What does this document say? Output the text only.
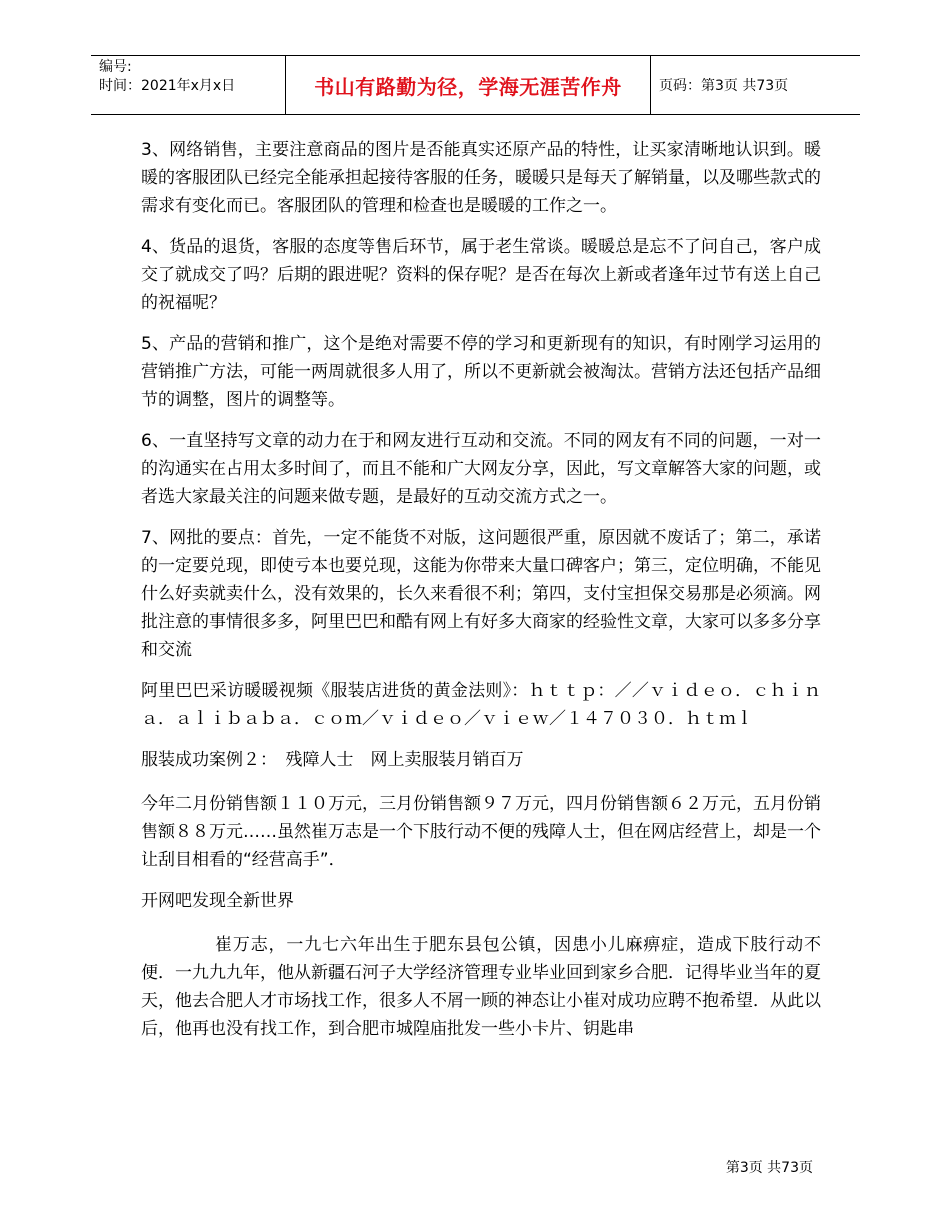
编号:
时间：2021年x月x日	书山有路勤为径，学海无涯苦作舟	页码：第3页 共73页

3、网络销售，主要注意商品的图片是否能真实还原产品的特性，让买家清晰地认识到。暖暖的客服团队已经完全能承担起接待客服的任务，暖暖只是每天了解销量，以及哪些款式的需求有变化而已。客服团队的管理和检查也是暖暖的工作之一。

4、货品的退货，客服的态度等售后环节，属于老生常谈。暖暖总是忘不了问自己，客户成交了就成交了吗？后期的跟进呢？资料的保存呢？是否在每次上新或者逢年过节有送上自己的祝福呢？

5、产品的营销和推广，这个是绝对需要不停的学习和更新现有的知识，有时刚学习运用的营销推广方法，可能一两周就很多人用了，所以不更新就会被淘汰。营销方法还包括产品细节的调整，图片的调整等。

6、一直坚持写文章的动力在于和网友进行互动和交流。不同的网友有不同的问题，一对一的沟通实在占用太多时间了，而且不能和广大网友分享，因此，写文章解答大家的问题，或者选大家最关注的问题来做专题，是最好的互动交流方式之一。

7、网批的要点：首先，一定不能货不对版，这问题很严重，原因就不废话了；第二，承诺的一定要兑现，即使亏本也要兑现，这能为你带来大量口碑客户；第三，定位明确，不能见什么好卖就卖什么，没有效果的，长久来看很不利；第四，支付宝担保交易那是必须滴。网批注意的事情很多多，阿里巴巴和酷有网上有好多大商家的经验性文章，大家可以多多分享和交流

阿里巴巴采访暖暖视频《服装店进货的黄金法则》：ｈｔｔｐ：／／ｖｉｄｅｏ．ｃｈｉｎａ．ａｌｉｂａｂａ．ｃｏｍ／ｖｉｄｅｏ／ｖｉｅｗ／１４７０３０．ｈｔｍｌ

服装成功案例２：　残障人士　网上卖服装月销百万

今年二月份销售额１１０万元，三月份销售额９７万元，四月份销售额６２万元，五月份销售额８８万元……虽然崔万志是一个下肢行动不便的残障人士，但在网店经营上，却是一个让刮目相看的“经营高手”．

开网吧发现全新世界

崔万志，一九七六年出生于肥东县包公镇，因患小儿麻痹症，造成下肢行动不便．一九九九年，他从新疆石河子大学经济管理专业毕业回到家乡合肥．记得毕业当年的夏天，他去合肥人才市场找工作，很多人不屑一顾的神态让小崔对成功应聘不抱希望．从此以后，他再也没有找工作，到合肥市城隍庙批发一些小卡片、钥匙串

第3页 共73页
